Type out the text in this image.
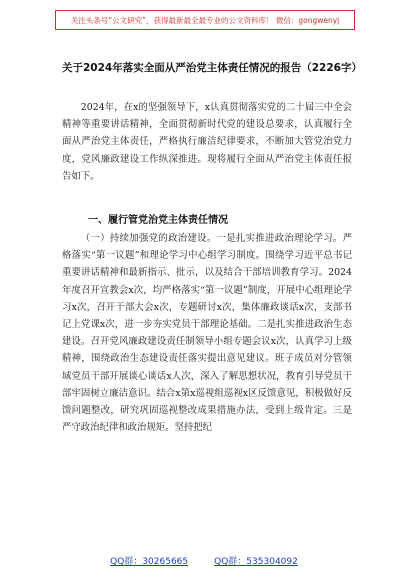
关注头条号“公文研究”，获得最新最全最专业的公文资料库！ 微信：gongwenyj
关于2024年落实全面从严治党主体责任情况的报告（2226字）
2024年，在x的坚强领导下，x认真贯彻落实党的二十届三中全会精神等重要讲话精神，全面贯彻新时代党的建设总要求，认真履行全面从严治党主体责任，严格执行廉洁纪律要求，不断加大管党治党力度，党风廉政建设工作纵深推进。现将履行全面从严治党主体责任报告如下。
一、履行管党治党主体责任情况
（一）持续加强党的政治建设。一是扎实推进政治理论学习。严格落实“第一议题”和理论学习中心组学习制度。围绕学习近平总书记重要讲话精神和最新指示、批示，以及结合干部培训教育学习。2024年度召开宣教会x次，均严格落实“第一议题”制度，开展中心组理论学习x次，召开干部大会x次，专题研讨x次，集体廉政谈话x次，支部书记上党课x次，进一步夯实党员干部理论基础。二是扎实推进政治生态建设。召开党风廉政建设责任制领导小组专题会议x次，认真学习上级精神，围绕政治生态建设责任落实提出意见建议。班子成员对分管领域党员干部开展谈心谈话x人次，深入了解思想状况，教育引导党员干部牢固树立廉洁意识。结合x第x巡视组巡视x区反馈意见，积极做好反馈问题整改，研究巩固巡视整改成果措施办法，受到上级肯定。三是严守政治纪律和政治规矩。坚持把纪
QQ群：30265665	QQ群：535304092
